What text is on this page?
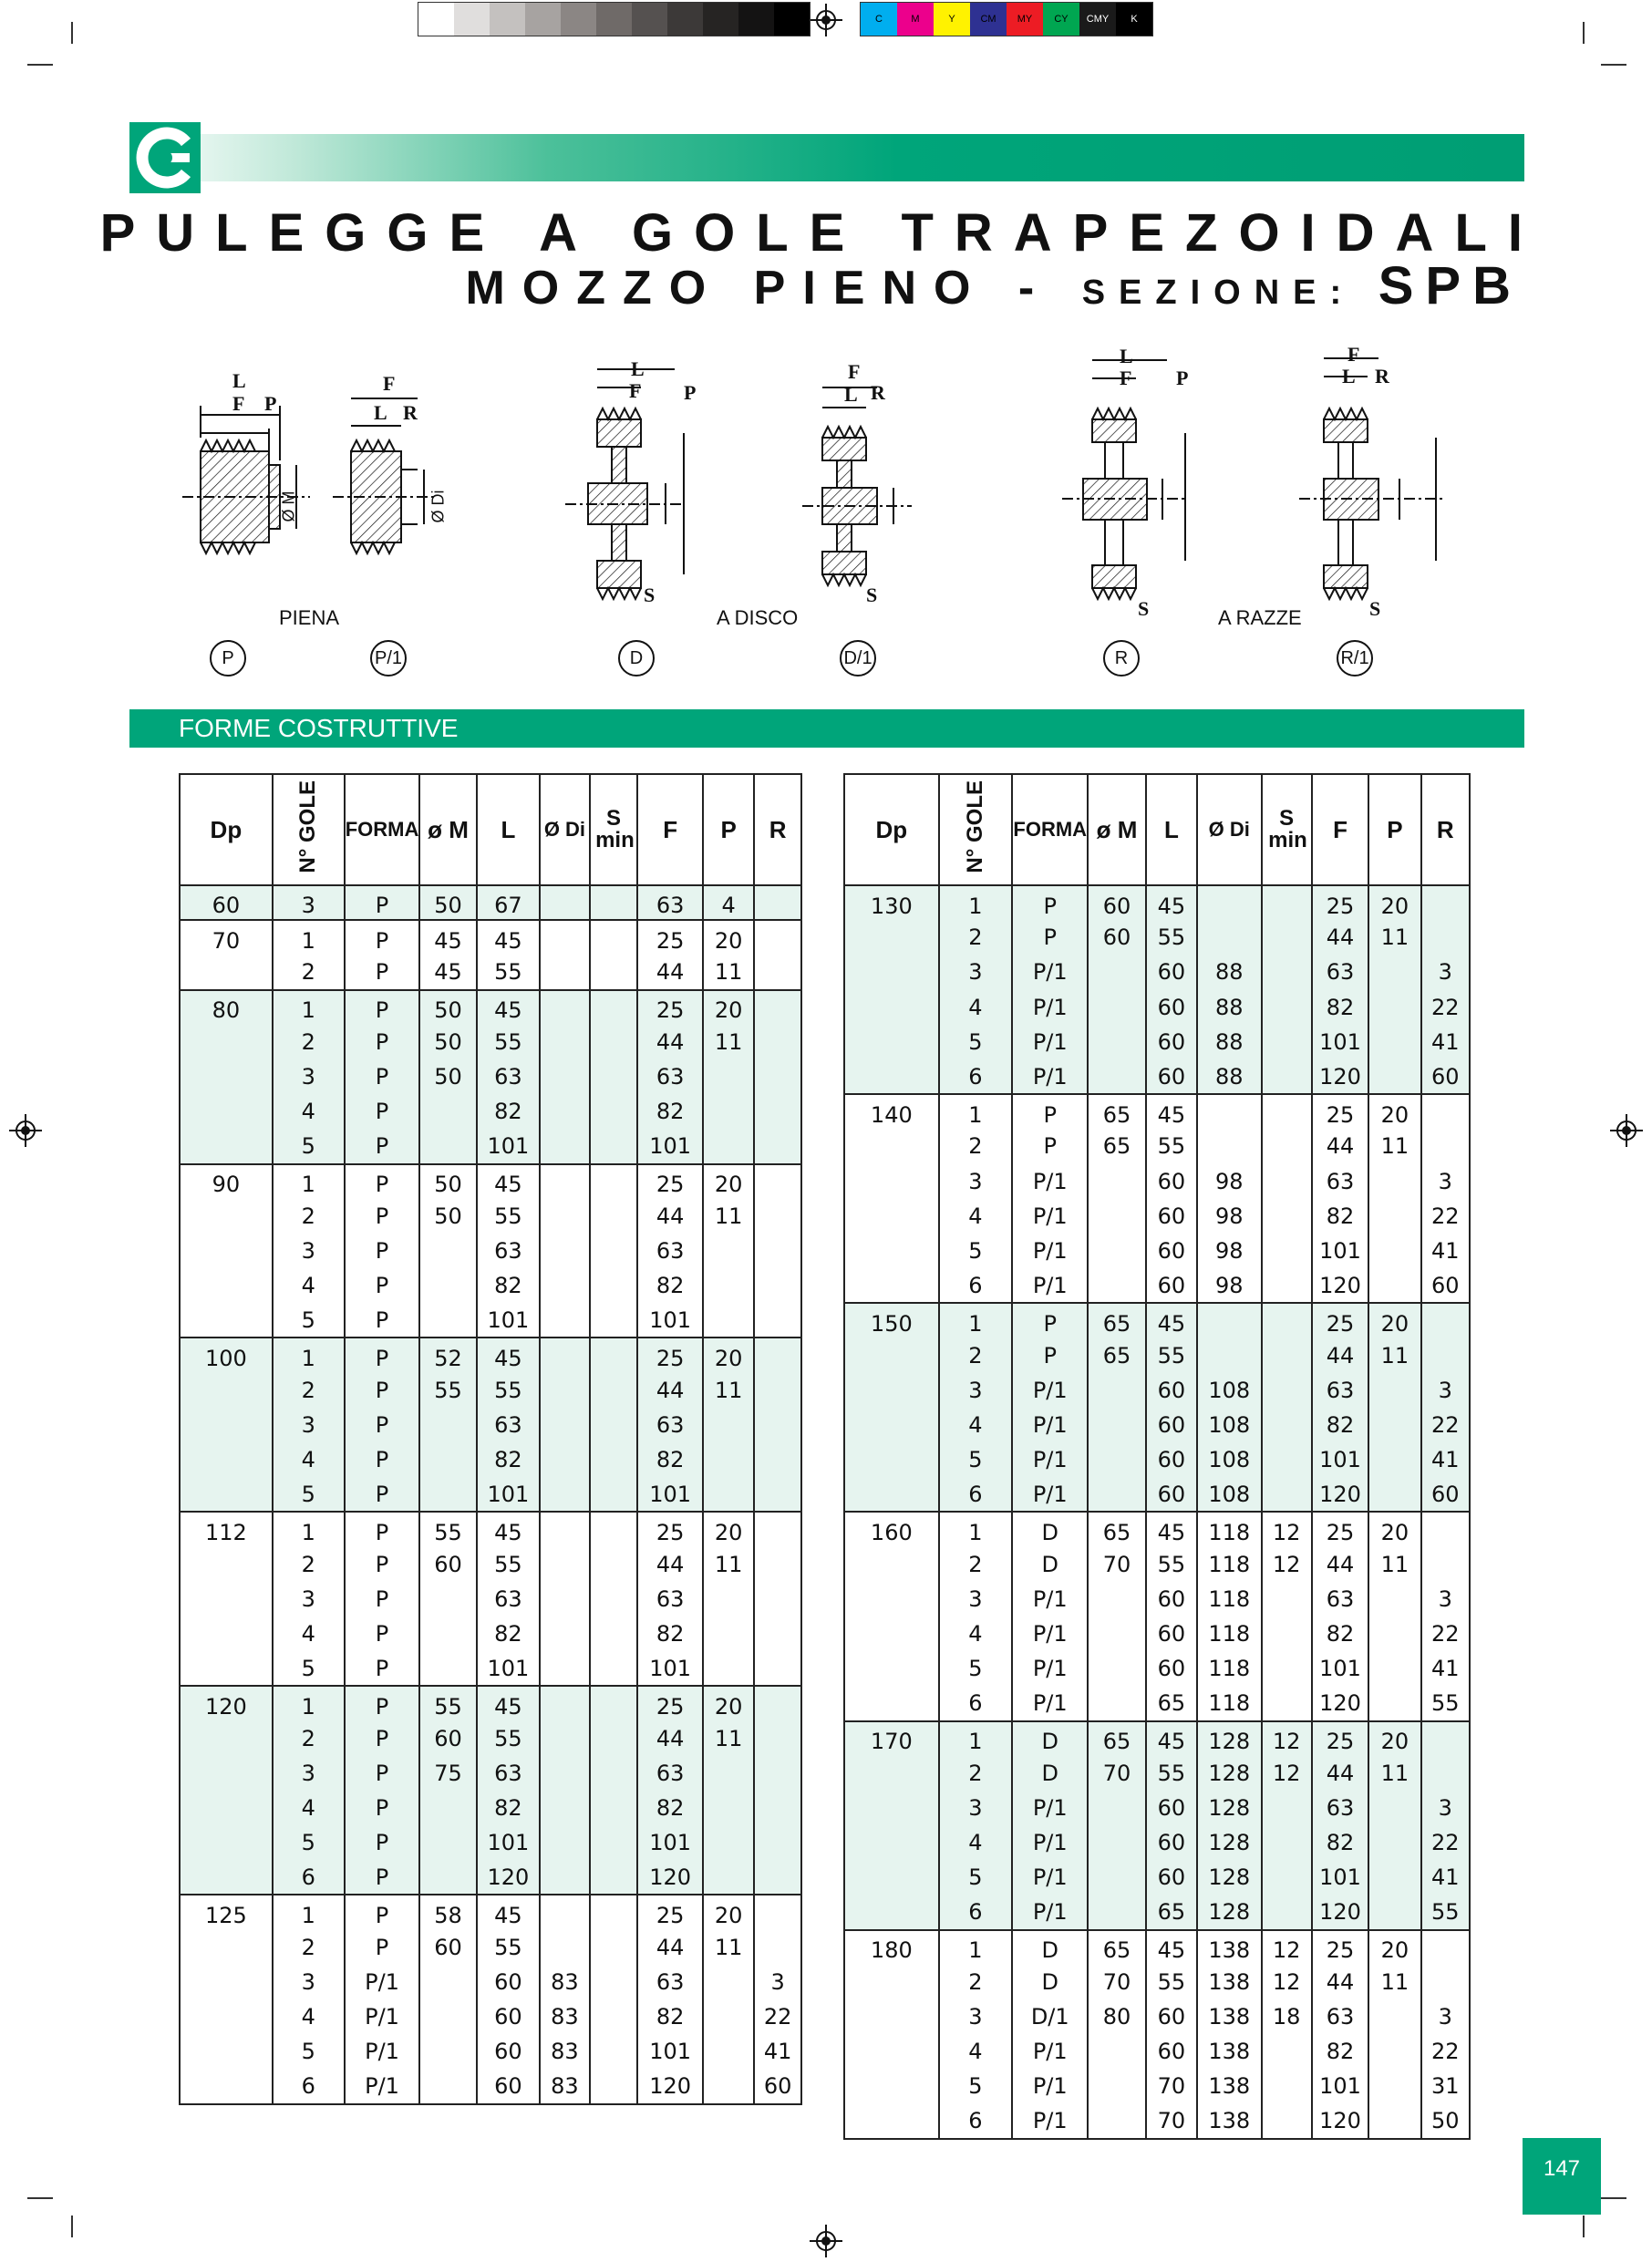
C	M	Y	CM	MY	CY	CMY	K
PULEGGE A GOLE TRAPEZOIDALI
MOZZO PIENO - SEZIONE: SPB
L
F P
Ø M
F
L R
Ø Di
L
F P
S
F
L R
S
L
F P
S
F
L R
S
PIENA	A DISCO	A RAZZE
P	P/1	D	D/1	R	R/1
FORME COSTRUTTIVE
Dp	N° GOLE	FORMA	ø M	L	Ø Di	S min	F	P	R
60	3	P	50	67			63	4	
70	1	P	45	45			25	20	
	2	P	45	55			44	11	
80	1	P	50	45			25	20	
	2	P	50	55			44	11	
	3	P	50	63			63		
	4	P		82			82		
	5	P		101			101		
90	1	P	50	45			25	20	
	2	P	50	55			44	11	
	3	P		63			63		
	4	P		82			82		
	5	P		101			101		
100	1	P	52	45			25	20	
	2	P	55	55			44	11	
	3	P		63			63		
	4	P		82			82		
	5	P		101			101		
112	1	P	55	45			25	20	
	2	P	60	55			44	11	
	3	P		63			63		
	4	P		82			82		
	5	P		101			101		
120	1	P	55	45			25	20	
	2	P	60	55			44	11	
	3	P	75	63			63		
	4	P		82			82		
	5	P		101			101		
	6	P		120			120		
125	1	P	58	45			25	20	
	2	P	60	55			44	11	
	3	P/1		60	83		63		3
	4	P/1		60	83		82		22
	5	P/1		60	83		101		41
	6	P/1		60	83		120		60
Dp	N° GOLE	FORMA	ø M	L	Ø Di	S min	F	P	R
130	1	P	60	45			25	20	
	2	P	60	55			44	11	
	3	P/1		60	88		63		3
	4	P/1		60	88		82		22
	5	P/1		60	88		101		41
	6	P/1		60	88		120		60
140	1	P	65	45			25	20	
	2	P	65	55			44	11	
	3	P/1		60	98		63		3
	4	P/1		60	98		82		22
	5	P/1		60	98		101		41
	6	P/1		60	98		120		60
150	1	P	65	45			25	20	
	2	P	65	55			44	11	
	3	P/1		60	108		63		3
	4	P/1		60	108		82		22
	5	P/1		60	108		101		41
	6	P/1		60	108		120		60
160	1	D	65	45	118	12	25	20	
	2	D	70	55	118	12	44	11	
	3	P/1		60	118		63		3
	4	P/1		60	118		82		22
	5	P/1		60	118		101		41
	6	P/1		65	118		120		55
170	1	D	65	45	128	12	25	20	
	2	D	70	55	128	12	44	11	
	3	P/1		60	128		63		3
	4	P/1		60	128		82		22
	5	P/1		60	128		101		41
	6	P/1		65	128		120		55
180	1	D	65	45	138	12	25	20	
	2	D	70	55	138	12	44	11	
	3	D/1	80	60	138	18	63		3
	4	P/1		60	138		82		22
	5	P/1		70	138		101		31
	6	P/1		70	138		120		50
147
